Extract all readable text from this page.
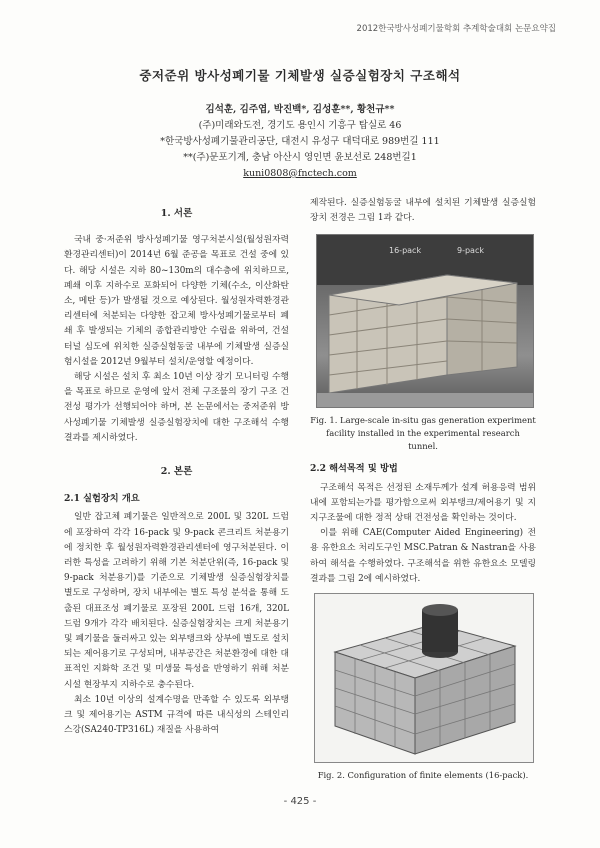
2012한국방사성폐기물학회 추계학술대회 논문요약집
중저준위 방사성폐기물 기체발생 실증실험장치 구조해석
김석훈, 김주엽, 박진백*, 김성훈**, 황천규**
(주)미래와도전, 경기도 용인시 기흥구 탑실로 46
*한국방사성폐기물관리공단, 대전시 유성구 대덕대로 989번길 111
**(주)문포기계, 충남 아산시 영인면 윤보선로 248번길1
kuni0808@fnctech.com
1. 서론

국내 중·저준위 방사성폐기물 영구처분시설(월성원자력환경관리센터)이 2014년 6월 준공을 목표로 건설 중에 있다. 해당 시설은 지하 80~130m의 대수층에 위치하므로, 폐쇄 이후 지하수로 포화되어 다양한 기체(수소, 이산화탄소, 메탄 등)가 발생될 것으로 예상된다. 월성원자력환경관리센터에 처분되는 다양한 잡고체 방사성폐기물로부터 폐쇄 후 발생되는 기체의 종합관리방안 수립을 위하여, 건설터널 심도에 위치한 실증실험동굴 내부에 기체발생 실증실험시설을 2012년 9월부터 설치/운영할 예정이다.

해당 시설은 설치 후 최소 10년 이상 장기 모니터링 수행을 목표로 하므로 운영에 앞서 전체 구조물의 장기 구조 건전성 평가가 선행되어야 하며, 본 논문에서는 중저준위 방사성폐기물 기체발생 실증실험장치에 대한 구조해석 수행결과를 제시하였다.

2. 본론
2.1 실험장치 개요

일반 잡고체 폐기물은 일반적으로 200L 및 320L 드럼에 포장하여 각각 16-pack 및 9-pack 콘크리트 처분용기에 정치한 후 월성원자력환경관리센터에 영구처분된다. 이러한 특성을 고려하기 위해 기본 처분단위(즉, 16-pack 및 9-pack 처분용기)를 기준으로 기체발생 실증실험장치를 별도로 구성하며, 장치 내부에는 별도 특성 분석을 통해 도출된 대표조성 폐기물로 포장된 200L 드럼 16개, 320L 드럼 9개가 각각 배치된다. 실증실험장치는 크게 처분용기 및 폐기물을 둘러싸고 있는 외부탱크와 상부에 별도로 설치되는 제어용기로 구성되며, 내부공간은 처분환경에 대한 대표적인 지화학 조건 및 미생물 특성을 반영하기 위해 처분시설 현장부지 지하수로 충수된다.

최소 10년 이상의 설계수명을 만족할 수 있도록 외부탱크 및 제어용기는 ASTM 규격에 따른 내식성의 스테인리스강(SA240-TP316L) 재질을 사용하여

제작된다. 실증실험동굴 내부에 설치된 기체발생 실증실험장치 전경은 그림 1과 같다.

16-pack	9-pack
Fig. 1. Large-scale in-situ gas generation experiment facility installed in the experimental research tunnel.
2.2 해석목적 및 방법

구조해석 목적은 선정된 소재두께가 설계 허용응력 범위 내에 포함되는가를 평가함으로써 외부탱크/제어용기 및 지지구조물에 대한 정적 상태 건전성을 확인하는 것이다.

이를 위해 CAE(Computer Aided Engineering) 전용 유한요소 처리도구인 MSC.Patran & Nastran을 사용하여 해석을 수행하였다. 구조해석을 위한 유한요소 모델링 결과를 그림 2에 예시하였다.

Fig. 2. Configuration of finite elements (16-pack).
- 425 -
